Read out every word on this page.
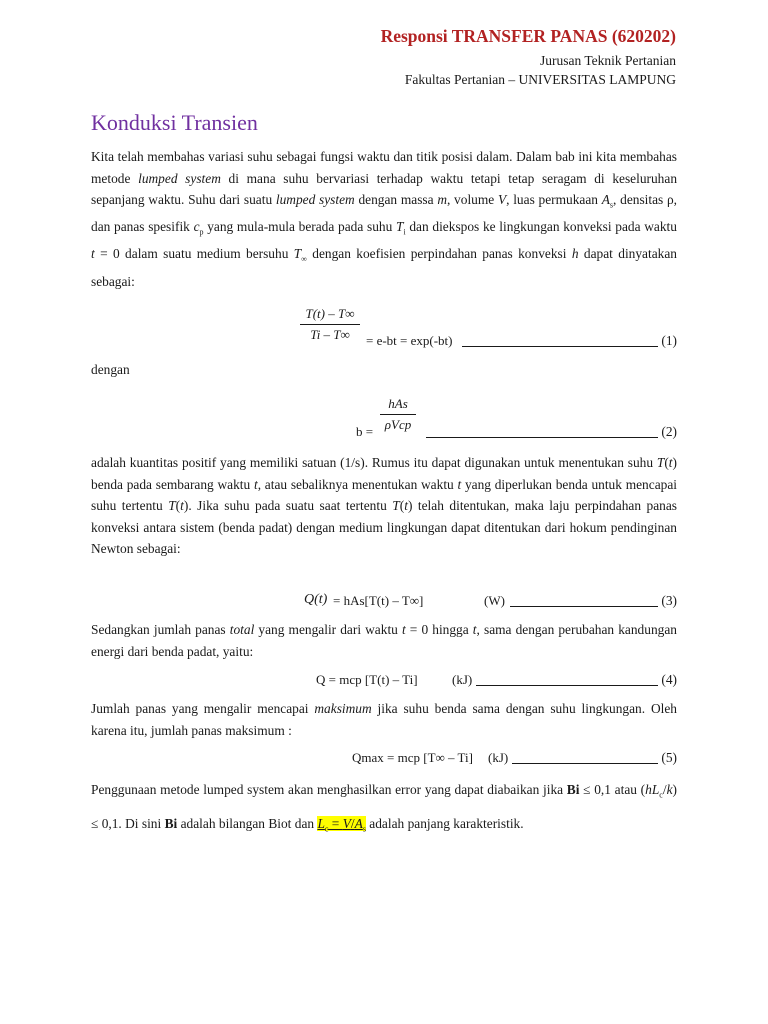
Responsi TRANSFER PANAS (620202)
Jurusan Teknik Pertanian
Fakultas Pertanian – UNIVERSITAS LAMPUNG
Konduksi Transien
Kita telah membahas variasi suhu sebagai fungsi waktu dan titik posisi dalam. Dalam bab ini kita membahas metode lumped system di mana suhu bervariasi terhadap waktu tetapi tetap seragam di keseluruhan sepanjang waktu. Suhu dari suatu lumped system dengan massa m, volume V, luas permukaan $A_s$, densitas ρ, dan panas spesifik $c_p$ yang mula-mula berada pada suhu $T_i$ dan diekspos ke lingkungan konveksi pada waktu t = 0 dalam suatu medium bersuhu $T_\infty$ dengan koefisien perpindahan panas konveksi h dapat dinyatakan sebagai:
T(t) – T∞
Ti – T∞	= e-bt = exp(-bt)	(1)
dengan
b =
hAs
ρVcp	(2)
adalah kuantitas positif yang memiliki satuan (1/s). Rumus itu dapat digunakan untuk menentukan suhu T(t) benda pada sembarang waktu t, atau sebaliknya menentukan waktu t yang diperlukan benda untuk mencapai suhu tertentu T(t). Jika suhu pada suatu saat tertentu T(t) telah ditentukan, maka laju perpindahan panas konveksi antara sistem (benda padat) dengan medium lingkungan dapat ditentukan dari hokum pendinginan Newton sebagai:
Q(t) = hAs[T(t) – T∞]	(W)	(3)
Sedangkan jumlah panas total yang mengalir dari waktu t = 0 hingga t, sama dengan perubahan kandungan energi dari benda padat, yaitu:
Q = mcp [T(t) – Ti]	(kJ)	(4)
Jumlah panas yang mengalir mencapai maksimum jika suhu benda sama dengan suhu lingkungan. Oleh karena itu, jumlah panas maksimum :
Qmax = mcp [T∞ – Ti] (kJ)	(5)
Penggunaan metode lumped system akan menghasilkan error yang dapat diabaikan jika Bi ≤ 0,1 atau $(hL_c/k) \le 0,1$. Di sini Bi adalah bilangan Biot dan $L_c = V/A_s$ adalah panjang karakteristik.
